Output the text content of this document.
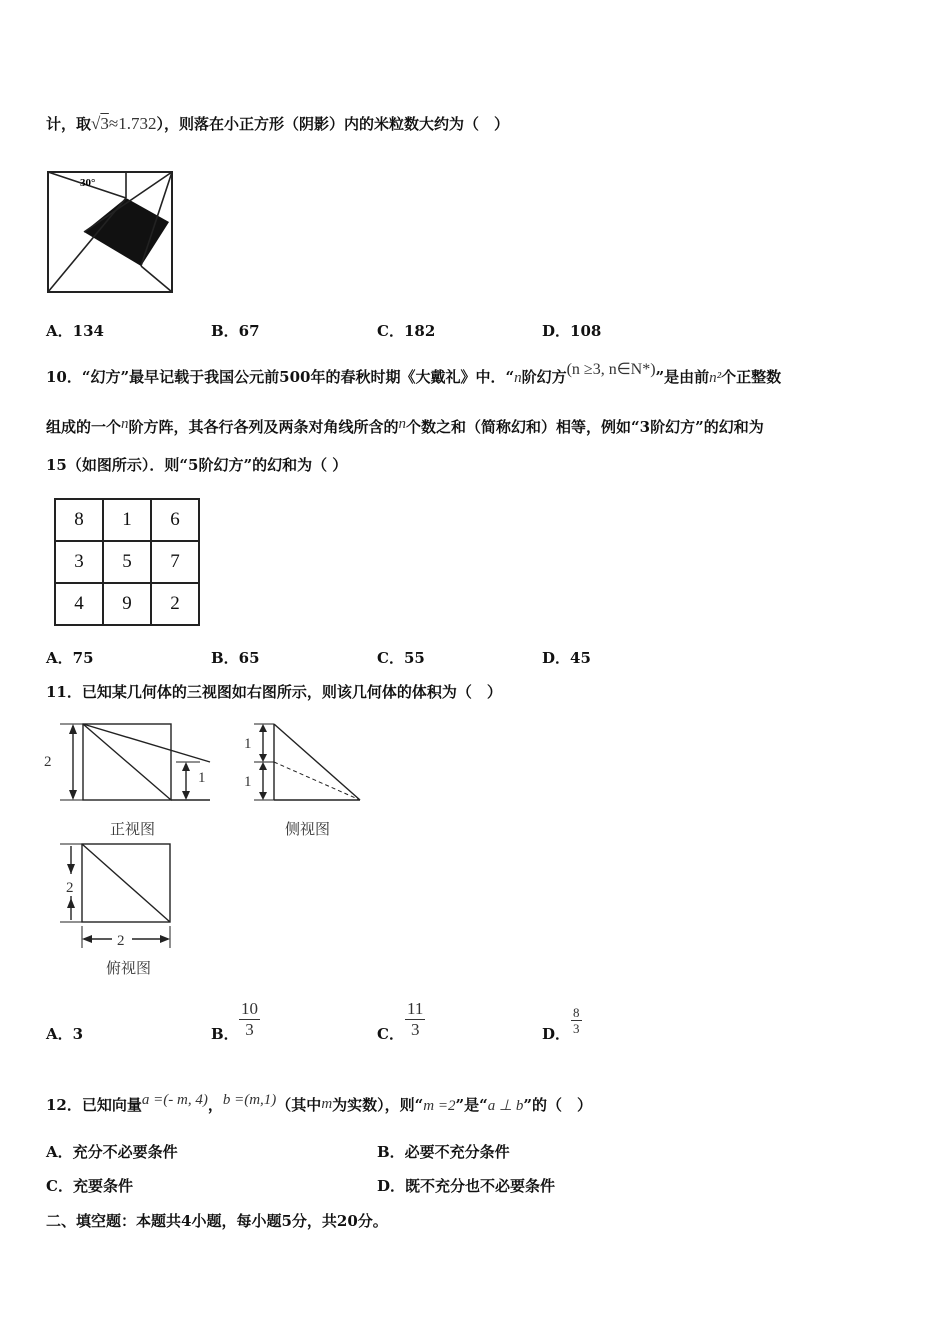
计，取√3≈1.732），则落在小正方形（阴影）内的米粒数大约为（　）
30°
A．134	B．67	C．182	D．108
10．“幻方”最早记载于我国公元前500年的春秋时期《大戴礼》中．“n阶幻方(n ≥3, n∈N*)”是由前n²个正整数
组成的一个n阶方阵，其各行各列及两条对角线所含的n个数之和（简称幻和）相等，例如“3阶幻方”的幻和为
15（如图所示）．则“5阶幻方”的幻和为（ ）
8	1	6
3	5	7
4	9	2
A．75	B．65	C．55	D．45
11．已知某几何体的三视图如右图所示，则该几何体的体积为（　）
2
1
正视图
1
1
侧视图
2
2
俯视图
A．3	B． $\frac{10}{3}$	C． $\frac{11}{3}$	D． $\frac{8}{3}$
12．已知向量a =(- m, 4)，b =(m,1)（其中m为实数），则“m =2”是“a ⊥ b”的（　）
A．充分不必要条件	B．必要不充分条件
C．充要条件	D．既不充分也不必要条件
二、填空题：本题共4小题，每小题5分，共20分。
